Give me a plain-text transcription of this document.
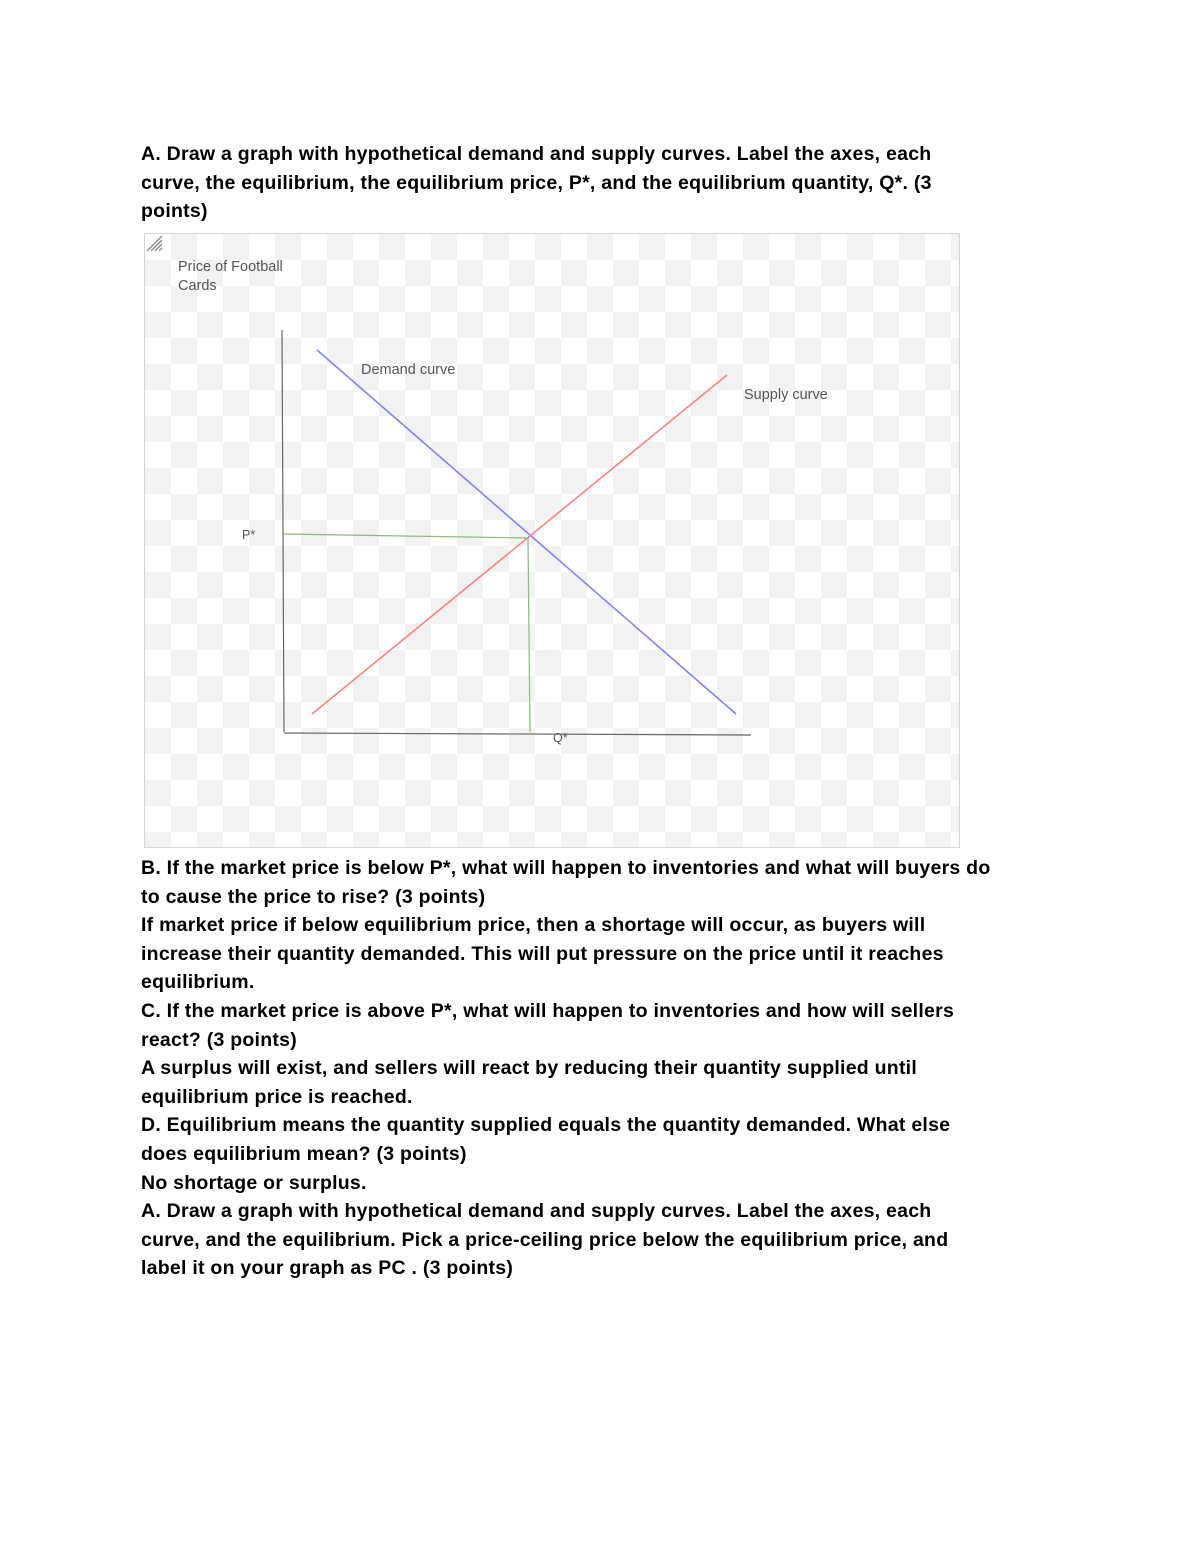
A. Draw a graph with hypothetical demand and supply curves. Label the axes, each
curve, the equilibrium, the equilibrium price, P*, and the equilibrium quantity, Q*. (3
points)

Price of Football
Cards
Demand curve
Supply curve
P*
Q*

B. If the market price is below P*, what will happen to inventories and what will buyers do
to cause the price to rise? (3 points)
If market price if below equilibrium price, then a shortage will occur, as buyers will
increase their quantity demanded. This will put pressure on the price until it reaches
equilibrium.
C. If the market price is above P*, what will happen to inventories and how will sellers
react? (3 points)
A surplus will exist, and sellers will react by reducing their quantity supplied until
equilibrium price is reached.
D. Equilibrium means the quantity supplied equals the quantity demanded. What else
does equilibrium mean? (3 points)
No shortage or surplus.
A. Draw a graph with hypothetical demand and supply curves. Label the axes, each
curve, and the equilibrium. Pick a price-ceiling price below the equilibrium price, and
label it on your graph as PC . (3 points)
